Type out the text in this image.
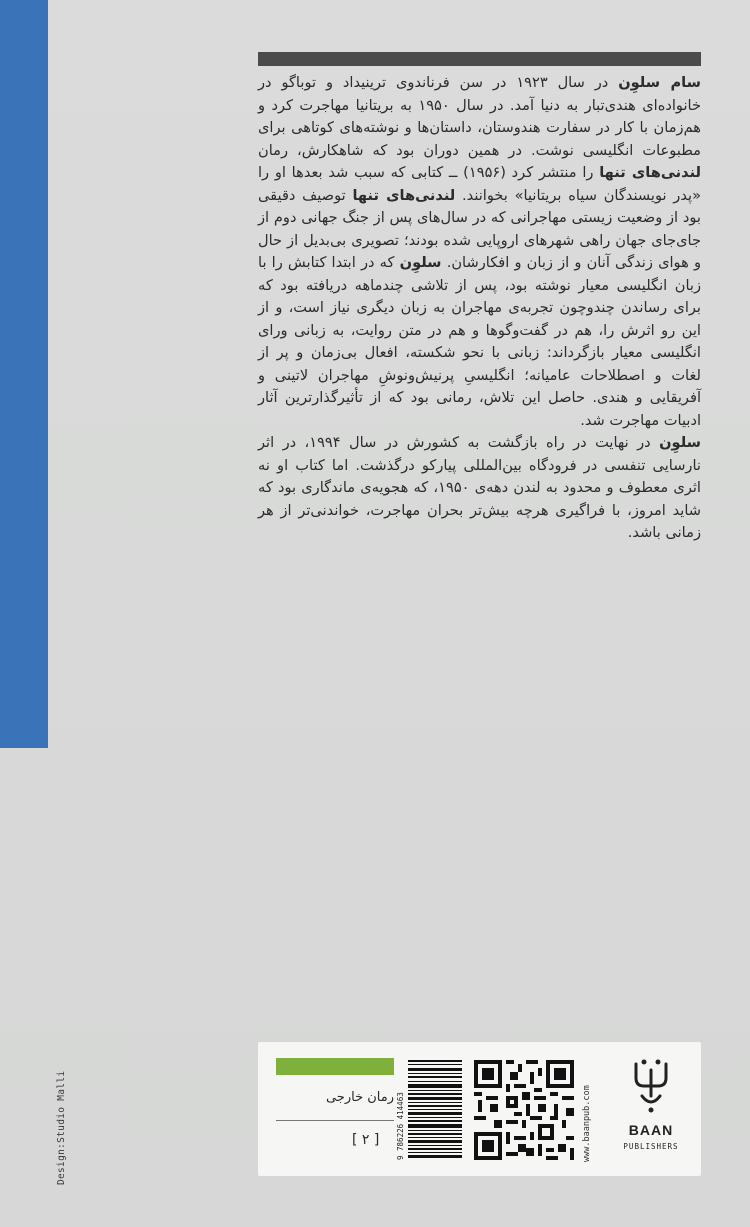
سام سلوِن در سال ۱۹۲۳ در سن فرناندوی ترینیداد و توباگو در خانواده‌ای هندی‌تبار به دنیا آمد. در سال ۱۹۵۰ به بریتانیا مهاجرت کرد و هم‌زمان با کار در سفارت هندوستان، داستان‌ها و نوشته‌های کوتاهی برای مطبوعات انگلیسی نوشت. در همین دوران بود که شاهکارش، رمان لندنی‌های تنها را منتشر کرد (۱۹۵۶) ــ کتابی که سبب شد بعدها او را «پدر نویسندگان سیاه بریتانیا» بخوانند. لندنی‌های تنها توصیف دقیقی بود از وضعیت زیستی مهاجرانی که در سال‌های پس از جنگ جهانی دوم از جای‌جای جهان راهی شهرهای اروپایی شده بودند؛ تصویری بی‌بدیل از حال و هوای زندگی آنان و از زبان و افکارشان. سلوِن که در ابتدا کتابش را با زبان انگلیسی معیار نوشته بود، پس از تلاشی چندماهه دریافته بود که برای رساندن چندوچون تجربه‌ی مهاجران به زبان دیگری نیاز است، و از این رو اثرش را، هم در گفت‌وگوها و هم در متن روایت، به زبانی ورای انگلیسی معیار بازگرداند: زبانی با نحو شکسته، افعال بی‌زمان و پر از لغات و اصطلاحات عامیانه؛ انگلیسیِ پرنیش‌ونوشِ مهاجران لاتینی و آفریقایی و هندی. حاصل این تلاش، رمانی بود که از تأثیرگذارترین آثار ادبیات مهاجرت شد.

سلوِن در نهایت در راه بازگشت به کشورش در سال ۱۹۹۴، در اثر نارسایی تنفسی در فرودگاه بین‌المللی پیارکو درگذشت. اما کتاب او نه اثری معطوف و محدود به لندن دهه‌ی ۱۹۵۰، که هجویه‌ی ماندگاری بود که شاید امروز، با فراگیری هرچه بیش‌تر بحران مهاجرت، خواندنی‌تر از هر زمانی باشد.

Design:Studio Malli	رمان خارجی
[ ۲ ] 9 786226 414463	www.baanpub.com	BAAN
PUBLISHERS
